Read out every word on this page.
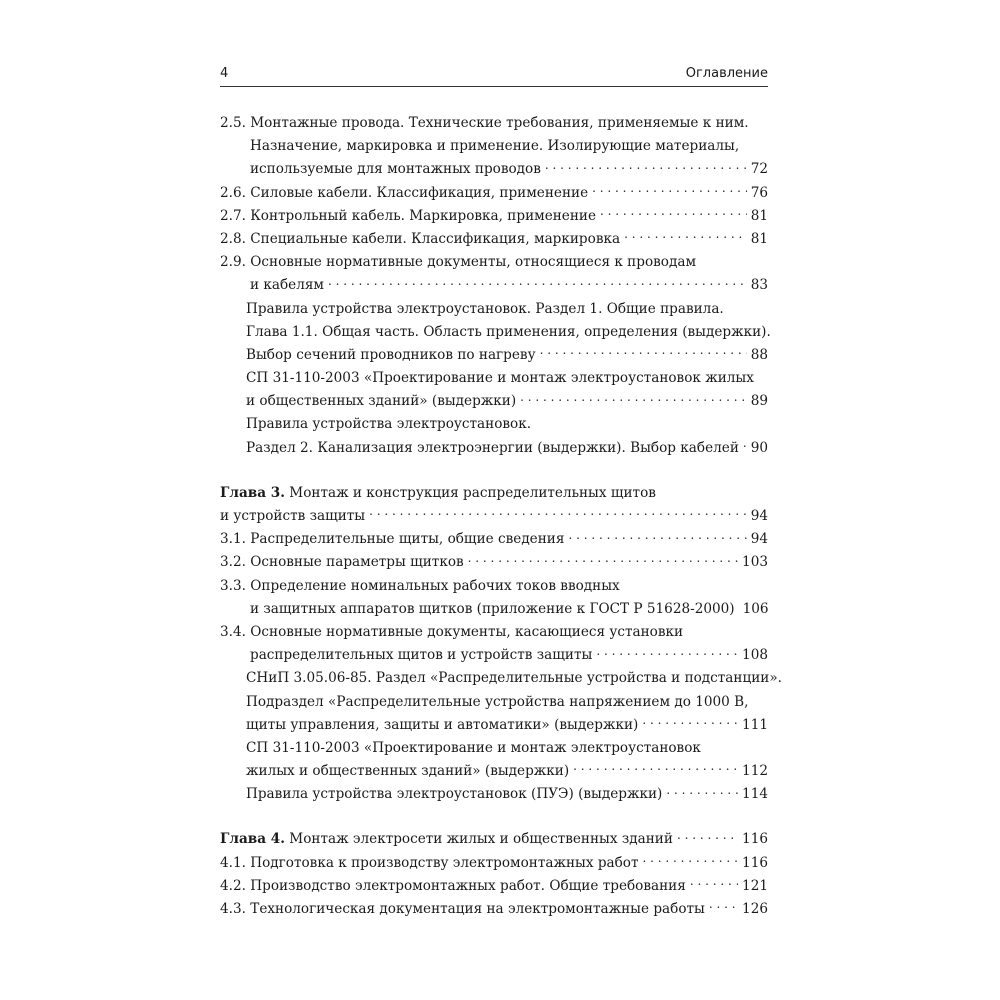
4	Оглавление
2.5. Монтажные провода. Технические требования, применяемые к ним.
Назначение, маркировка и применение. Изолирующие материалы,
используемые для монтажных проводов . . .	72
2.6. Силовые кабели. Классификация, применение . . .	76
2.7. Контрольный кабель. Маркировка, применение . . .	81
2.8. Специальные кабели. Классификация, маркировка . . .	81
2.9. Основные нормативные документы, относящиеся к проводам
и кабелям . . .	83
Правила устройства электроустановок. Раздел 1. Общие правила.
Глава 1.1. Общая часть. Область применения, определения (выдержки).
Выбор сечений проводников по нагреву . . .	88
СП 31-110-2003 «Проектирование и монтаж электроустановок жилых
и общественных зданий» (выдержки) . . .	89
Правила устройства электроустановок.
Раздел 2. Канализация электроэнергии (выдержки). Выбор кабелей . . . 90
Глава 3. Монтаж и конструкция распределительных щитов
и устройств защиты . . .	94
3.1. Распределительные щиты, общие сведения . . .	94
3.2. Основные параметры щитков . . .	103
3.3. Определение номинальных рабочих токов вводных
и защитных аппаратов щитков (приложение к ГОСТ Р 51628-2000) 106
3.4. Основные нормативные документы, касающиеся установки
распределительных щитов и устройств защиты . . .	108
СНиП 3.05.06-85. Раздел «Распределительные устройства и подстанции».
Подраздел «Распределительные устройства напряжением до 1000 В,
щиты управления, защиты и автоматики» (выдержки) . . .	111
СП 31-110-2003 «Проектирование и монтаж электроустановок
жилых и общественных зданий» (выдержки) . . .	112
Правила устройства электроустановок (ПУЭ) (выдержки) . . .	114
Глава 4. Монтаж электросети жилых и общественных зданий . . .	116
4.1. Подготовка к производству электромонтажных работ . . .	116
4.2. Производство электромонтажных работ. Общие требования . . .	121
4.3. Технологическая документация на электромонтажные работы . . .	126
